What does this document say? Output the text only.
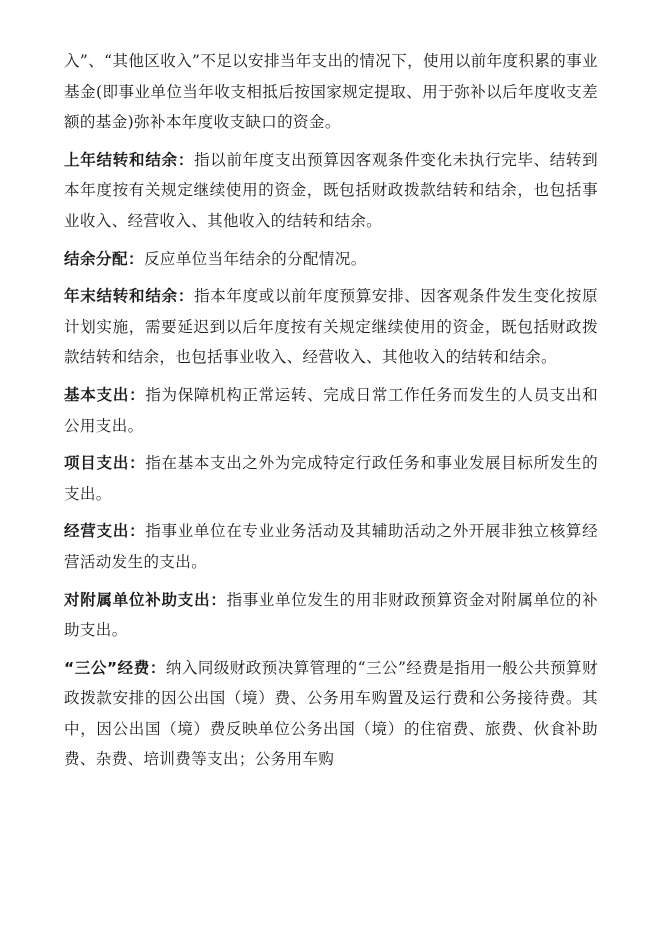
入”、“其他区收入”不足以安排当年支出的情况下，使用以前年度积累的事业基金(即事业单位当年收支相抵后按国家规定提取、用于弥补以后年度收支差额的基金)弥补本年度收支缺口的资金。

上年结转和结余：指以前年度支出预算因客观条件变化未执行完毕、结转到本年度按有关规定继续使用的资金，既包括财政拨款结转和结余，也包括事业收入、经营收入、其他收入的结转和结余。

结余分配：反应单位当年结余的分配情况。

年末结转和结余：指本年度或以前年度预算安排、因客观条件发生变化按原计划实施，需要延迟到以后年度按有关规定继续使用的资金，既包括财政拨款结转和结余，也包括事业收入、经营收入、其他收入的结转和结余。

基本支出：指为保障机构正常运转、完成日常工作任务而发生的人员支出和公用支出。

项目支出：指在基本支出之外为完成特定行政任务和事业发展目标所发生的支出。

经营支出：指事业单位在专业业务活动及其辅助活动之外开展非独立核算经营活动发生的支出。

对附属单位补助支出：指事业单位发生的用非财政预算资金对附属单位的补助支出。

“三公”经费：纳入同级财政预决算管理的“三公”经费是指用一般公共预算财政拨款安排的因公出国（境）费、公务用车购置及运行费和公务接待费。其中，因公出国（境）费反映单位公务出国（境）的住宿费、旅费、伙食补助费、杂费、培训费等支出；公务用车购
